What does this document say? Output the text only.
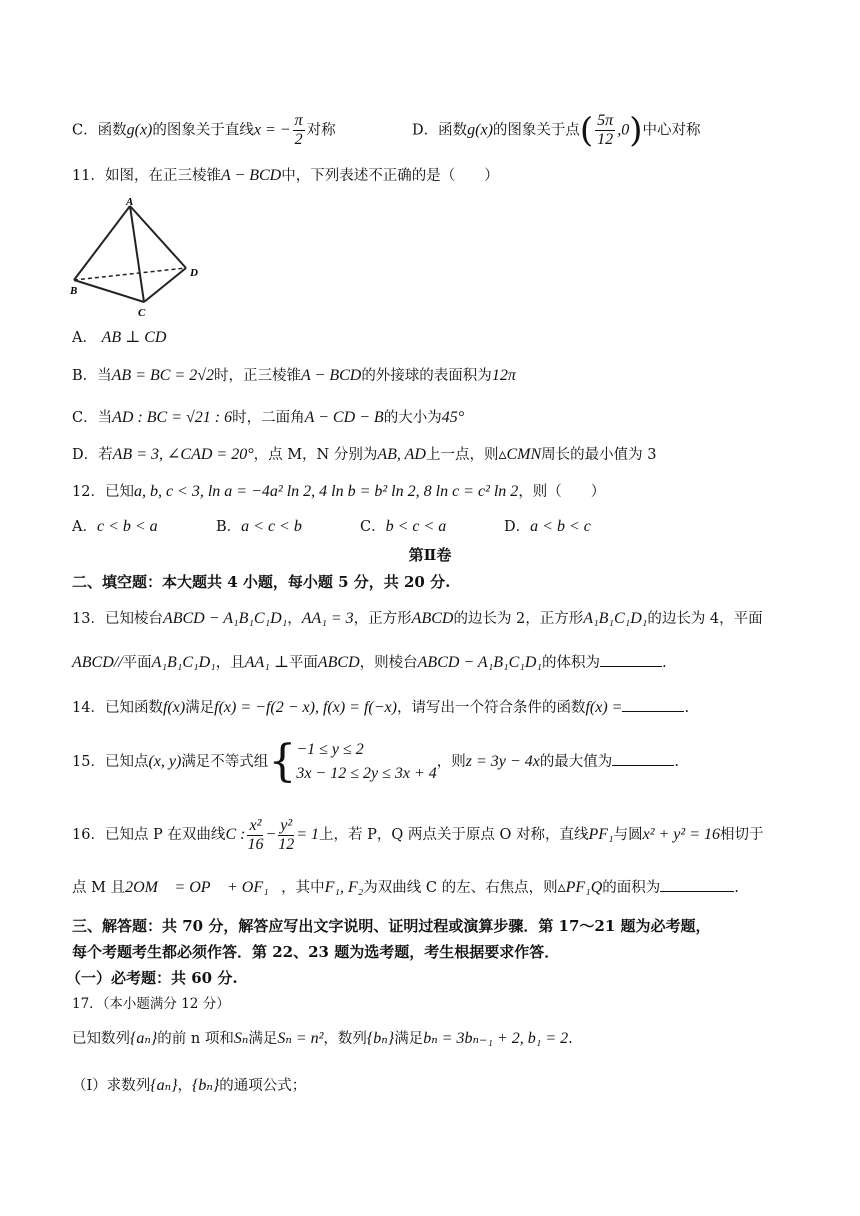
C．函数g(x)的图象关于直线x = − $\frac{\pi}{2}$ 对称	D．函数g(x)的图象关于点( $\frac{5\pi}{12} ,0$)中心对称
11．如图，在正三棱锥A − BCD中，下列表述不正确的是（　　）
A
B
C
D
A． AB ⊥ CD
B．当AB = BC = 2√2时，正三棱锥A − BCD的外接球的表面积为12π
C．当AD : BC = √21 : 6时，二面角A − CD − B的大小为45°
D．若AB = 3, ∠CAD = 20°，点 M，N 分别为AB, AD上一点，则▵CMN周长的最小值为 3
12．已知a, b, c < 3, ln a = −4a² ln 2, 4 ln b = b² ln 2, 8 ln c = c² ln 2，则（　　）
A．c < b < a	B．a < c < b	C．b < c < a	D．a < b < c
第Ⅱ卷
二、填空题：本大题共 4 小题，每小题 5 分，共 20 分.
13．已知棱台ABCD − A₁B₁C₁D₁，AA₁ = 3，正方形ABCD的边长为 2，正方形A₁B₁C₁D₁的边长为 4，平面
ABCD//平面A₁B₁C₁D₁，且AA₁ ⊥平面ABCD，则棱台ABCD − A₁B₁C₁D₁的体积为	.
14．已知函数f(x)满足f(x) = −f(2 − x), f(x) = f(−x)，请写出一个符合条件的函数f(x) =	.
15．已知点(x, y)满足不等式组{ −1 ≤ y ≤ 2
3x − 12 ≤ 2y ≤ 3x + 4
，则z = 3y − 4x的最大值为	.
16．已知点 P 在双曲线C : $\frac{\text{x²}}{16} - \frac{\text{y²}}{12} = 1$上，若 P，Q 两点关于原点 O 对称，直线PF₁与圆x² + y² = 16相切于
点 M 且2OM⃗ = OP⃗ + OF₁⃗，其中F₁, F₂为双曲线 C 的左、右焦点，则▵PF₁Q的面积为	.
三、解答题：共 70 分，解答应写出文字说明、证明过程或演算步骤．第 17～21 题为必考题，
每个考题考生都必须作答．第 22、23 题为选考题，考生根据要求作答．
（一）必考题：共 60 分.
17．（本小题满分 12 分）
已知数列{aₙ}的前 n 项和Sₙ满足Sₙ = n²，数列{bₙ}满足bₙ = 3bₙ₋₁ + 2, b₁ = 2.
（Ⅰ）求数列{aₙ}，{bₙ}的通项公式；
